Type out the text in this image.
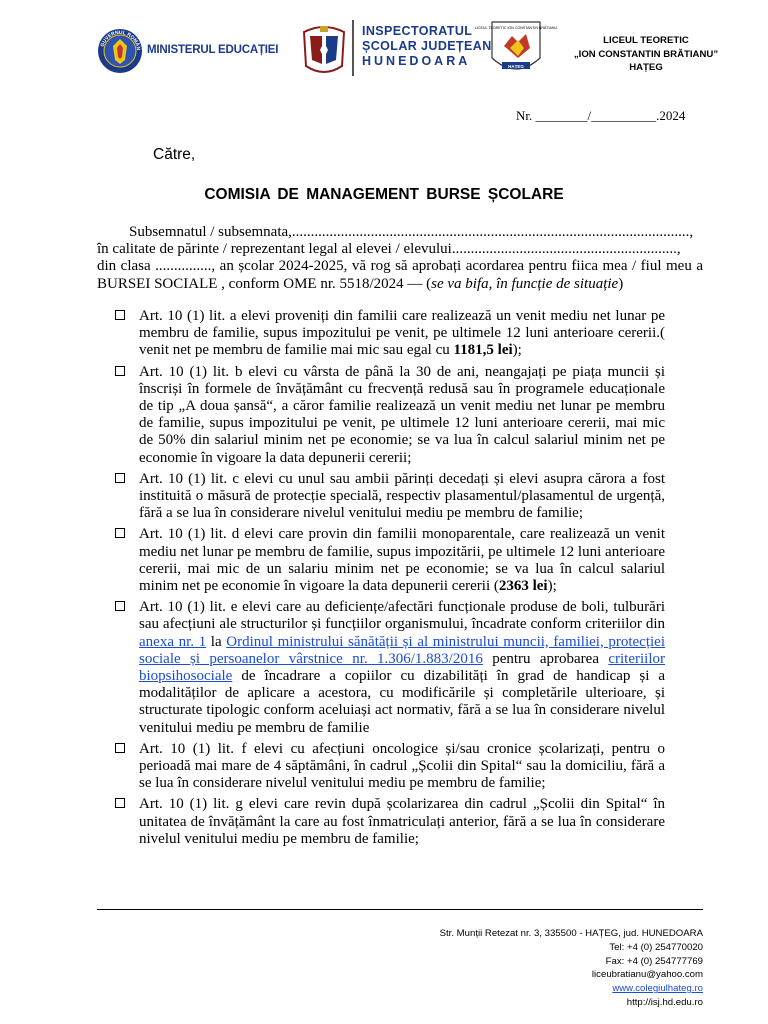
GUVERNUL ROMÂN MINISTERUL EDUCAȚIEI
INSPECTORATUL
ȘCOLAR JUDEȚEAN
HUNEDOARA
LICEUL TEORETIC ION CONSTANTIN BRĂTIANU
HAȚEG
LICEUL TEORETIC
„ION CONSTANTIN BRĂTIANU”
HAȚEG
Nr. ________/__________.2024
Către,
COMISIA DE MANAGEMENT BURSE ȘCOLARE

Subsemnatul / subsemnata,..........................................................................................................,

în calitate de părinte / reprezentant legal al elevei / elevului............................................................,

din clasa ..............., an școlar 2024-2025, vă rog să aprobați acordarea pentru fiica mea / fiul meu a BURSEI SOCIALE , conform OME nr. 5518/2024 — (se va bifa, în funcție de situație)

Art. 10 (1) lit. a elevi proveniți din familii care realizează un venit mediu net lunar pe membru de familie, supus impozitului pe venit, pe ultimele 12 luni anterioare cererii.( venit net pe membru de familie mai mic sau egal cu 1181,5 lei);
Art. 10 (1) lit. b elevi cu vârsta de până la 30 de ani, neangajați pe piața muncii și înscriși în formele de învățământ cu frecvență redusă sau în programele educaționale de tip „A doua șansă“, a căror familie realizează un venit mediu net lunar pe membru de familie, supus impozitului pe venit, pe ultimele 12 luni anterioare cererii, mai mic de 50% din salariul minim net pe economie; se va lua în calcul salariul minim net pe economie în vigoare la data depunerii cererii;
Art. 10 (1) lit. c elevi cu unul sau ambii părinți decedați și elevi asupra cărora a fost instituită o măsură de protecție specială, respectiv plasamentul/plasamentul de urgență, fără a se lua în considerare nivelul venitului mediu pe membru de familie;
Art. 10 (1) lit. d elevi care provin din familii monoparentale, care realizează un venit mediu net lunar pe membru de familie, supus impozitării, pe ultimele 12 luni anterioare cererii, mai mic de un salariu minim net pe economie; se va lua în calcul salariul minim net pe economie în vigoare la data depunerii cererii (2363 lei);
Art. 10 (1) lit. e elevi care au deficiențe/afectări funcționale produse de boli, tulburări sau afecțiuni ale structurilor și funcțiilor organismului, încadrate conform criteriilor din anexa nr. 1 la Ordinul ministrului sănătății și al ministrului muncii, familiei, protecției sociale și persoanelor vârstnice nr. 1.306/1.883/2016 pentru aprobarea criteriilor biopsihosociale de încadrare a copiilor cu dizabilități în grad de handicap și a modalităților de aplicare a acestora, cu modificările și completările ulterioare, și structurate tipologic conform aceluiași act normativ, fără a se lua în considerare nivelul venitului mediu pe membru de familie
Art. 10 (1) lit. f elevi cu afecțiuni oncologice și/sau cronice școlarizați, pentru o perioadă mai mare de 4 săptămâni, în cadrul „Școlii din Spital“ sau la domiciliu, fără a se lua în considerare nivelul venitului mediu pe membru de familie;
Art. 10 (1) lit. g elevi care revin după școlarizarea din cadrul „Școlii din Spital“ în unitatea de învățământ la care au fost înmatriculați anterior, fără a se lua în considerare nivelul venitului mediu pe membru de familie;
Str. Munții Retezat nr. 3, 335500 - HAȚEG, jud. HUNEDOARA
Tel: +4 (0) 254770020
Fax: +4 (0) 254777769
liceubratianu@yahoo.com
www.colegiulhateg.ro
http://isj.hd.edu.ro
